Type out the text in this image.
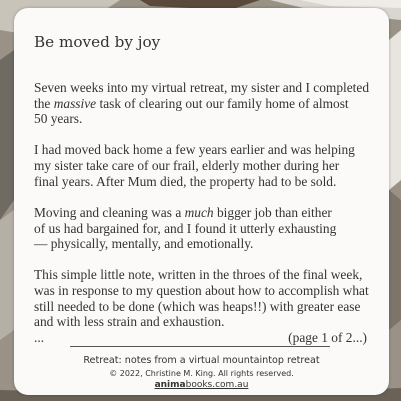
Be moved by joy
Seven weeks into my virtual retreat, my sister and I completed
the massive task of clearing out our family home of almost
50 years.
I had moved back home a few years earlier and was helping
my sister take care of our frail, elderly mother during her
final years. After Mum died, the property had to be sold.
Moving and cleaning was a much bigger job than either
of us had bargained for, and I found it utterly exhausting
— physically, mentally, and emotionally.
This simple little note, written in the throes of the final week,
was in response to my question about how to accomplish what
still needed to be done (which was heaps!!) with greater ease
and with less strain and exhaustion.
...	(page 1 of 2...)
Retreat: notes from a virtual mountaintop retreat
© 2022, Christine M. King. All rights reserved.
animabooks.com.au
